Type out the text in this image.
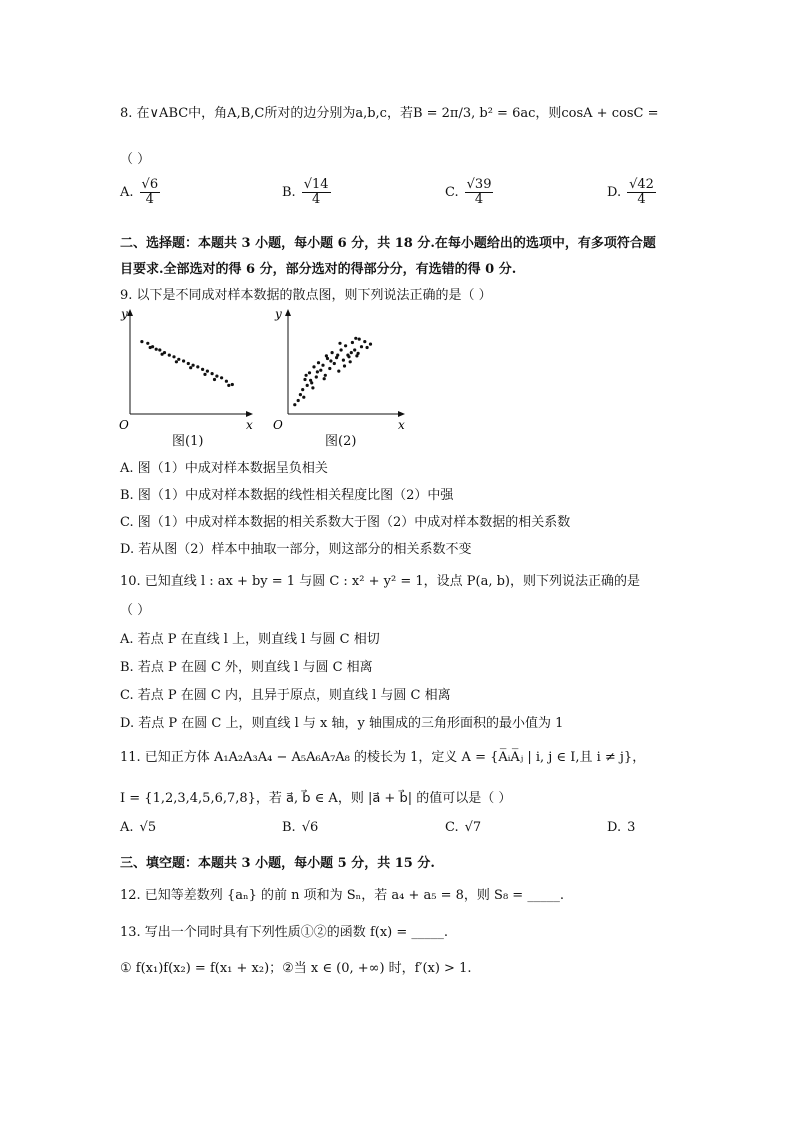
8. 在∨ABC中，角A,B,C所对的边分别为a,b,c，若B = 2π/3, b² = 6ac，则cosA + cosC =
（ ）
A. $\frac{√6}{4}$	B. $\frac{√14}{4}$	C. $\frac{√39}{4}$	D. $\frac{√42}{4}$
二、选择题：本题共 3 小题，每小题 6 分，共 18 分.在每小题给出的选项中，有多项符合题
目要求.全部选对的得 6 分，部分选对的得部分分，有选错的得 0 分.
9. 以下是不同成对样本数据的散点图，则下列说法正确的是（ ）
y
x
O
图(1)
y
x
O
图(2)
A. 图（1）中成对样本数据呈负相关
B. 图（1）中成对样本数据的线性相关程度比图（2）中强
C. 图（1）中成对样本数据的相关系数大于图（2）中成对样本数据的相关系数
D. 若从图（2）样本中抽取一部分，则这部分的相关系数不变
10. 已知直线 l : ax + by = 1 与圆 C : x² + y² = 1，设点 P(a, b)，则下列说法正确的是
（ ）
A. 若点 P 在直线 l 上，则直线 l 与圆 C 相切
B. 若点 P 在圆 C 外，则直线 l 与圆 C 相离
C. 若点 P 在圆 C 内，且异于原点，则直线 l 与圆 C 相离
D. 若点 P 在圆 C 上，则直线 l 与 x 轴，y 轴围成的三角形面积的最小值为 1
11. 已知正方体 A₁A₂A₃A₄ − A₅A₆A₇A₈ 的棱长为 1，定义 A = {A̅ᵢA̅ⱼ | i, j ∈ I,且 i ≠ j}，
I = {1,2,3,4,5,6,7,8}，若 a⃗, b⃗ ∈ A，则 |a⃗ + b⃗| 的值可以是（ ）
A. √5	B. √6	C. √7	D. 3
三、填空题：本题共 3 小题，每小题 5 分，共 15 分.
12. 已知等差数列 {aₙ} 的前 n 项和为 Sₙ，若 a₄ + a₅ = 8，则 S₈ = _____.
13. 写出一个同时具有下列性质①②的函数 f(x) = _____.
① f(x₁)f(x₂) = f(x₁ + x₂)；②当 x ∈ (0, +∞) 时，f′(x) > 1.
